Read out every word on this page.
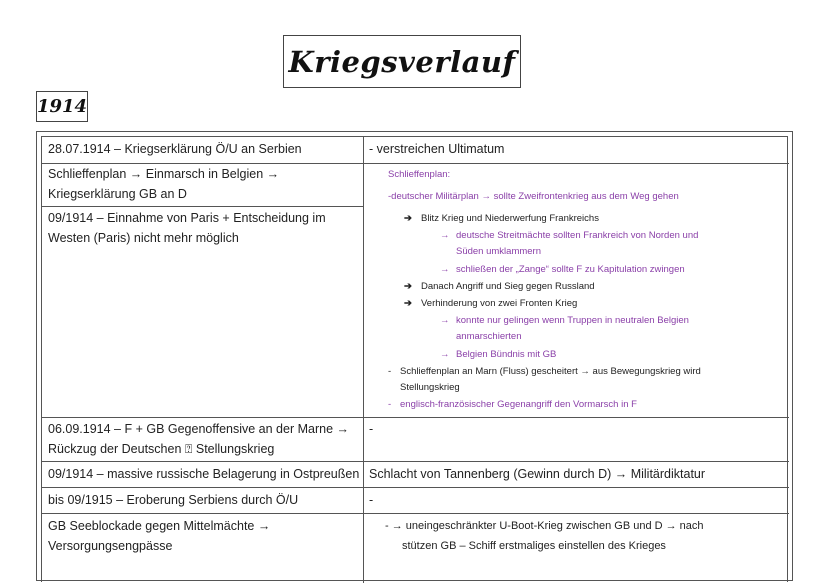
Kriegsverlauf
1914
28.07.1914 – Kriegserklärung Ö/U an Serbien	- verstreichen Ultimatum
Schlieffenplan → Einmarsch in Belgien →
Kriegserklärung GB an D
09/1914 – Einnahme von Paris + Entscheidung im
Westen (Paris) nicht mehr möglich
Schlieffenplan:
-deutscher Militärplan → sollte Zweifrontenkrieg aus dem Weg gehen
➔ Blitz Krieg und Niederwerfung Frankreichs
→ deutsche Streitmächte sollten Frankreich von Norden und
Süden umklammern
→ schließen der „Zange“ sollte F zu Kapitulation zwingen
➔ Danach Angriff und Sieg gegen Russland
➔ Verhinderung von zwei Fronten Krieg
→ konnte nur gelingen wenn Truppen in neutralen Belgien
anmarschierten
→ Belgien Bündnis mit GB
- Schlieffenplan an Marn (Fluss) gescheitert → aus Bewegungskrieg wird
Stellungskrieg
- englisch-französischer Gegenangriff den Vormarsch in F
06.09.1914 – F + GB Gegenoffensive an der Marne →
Rückzug der Deutschen ⍰ Stellungskrieg
-
09/1914 – massive russische Belagerung in Ostpreußen Schlacht von Tannenberg (Gewinn durch D) → Militärdiktatur
bis 09/1915 – Eroberung Serbiens durch Ö/U	-
GB Seeblockade gegen Mittelmächte →
Versorgungsengpässe
- → uneingeschränkter U-Boot-Krieg zwischen GB und D → nach
stützen GB – Schiff erstmaliges einstellen des Krieges
